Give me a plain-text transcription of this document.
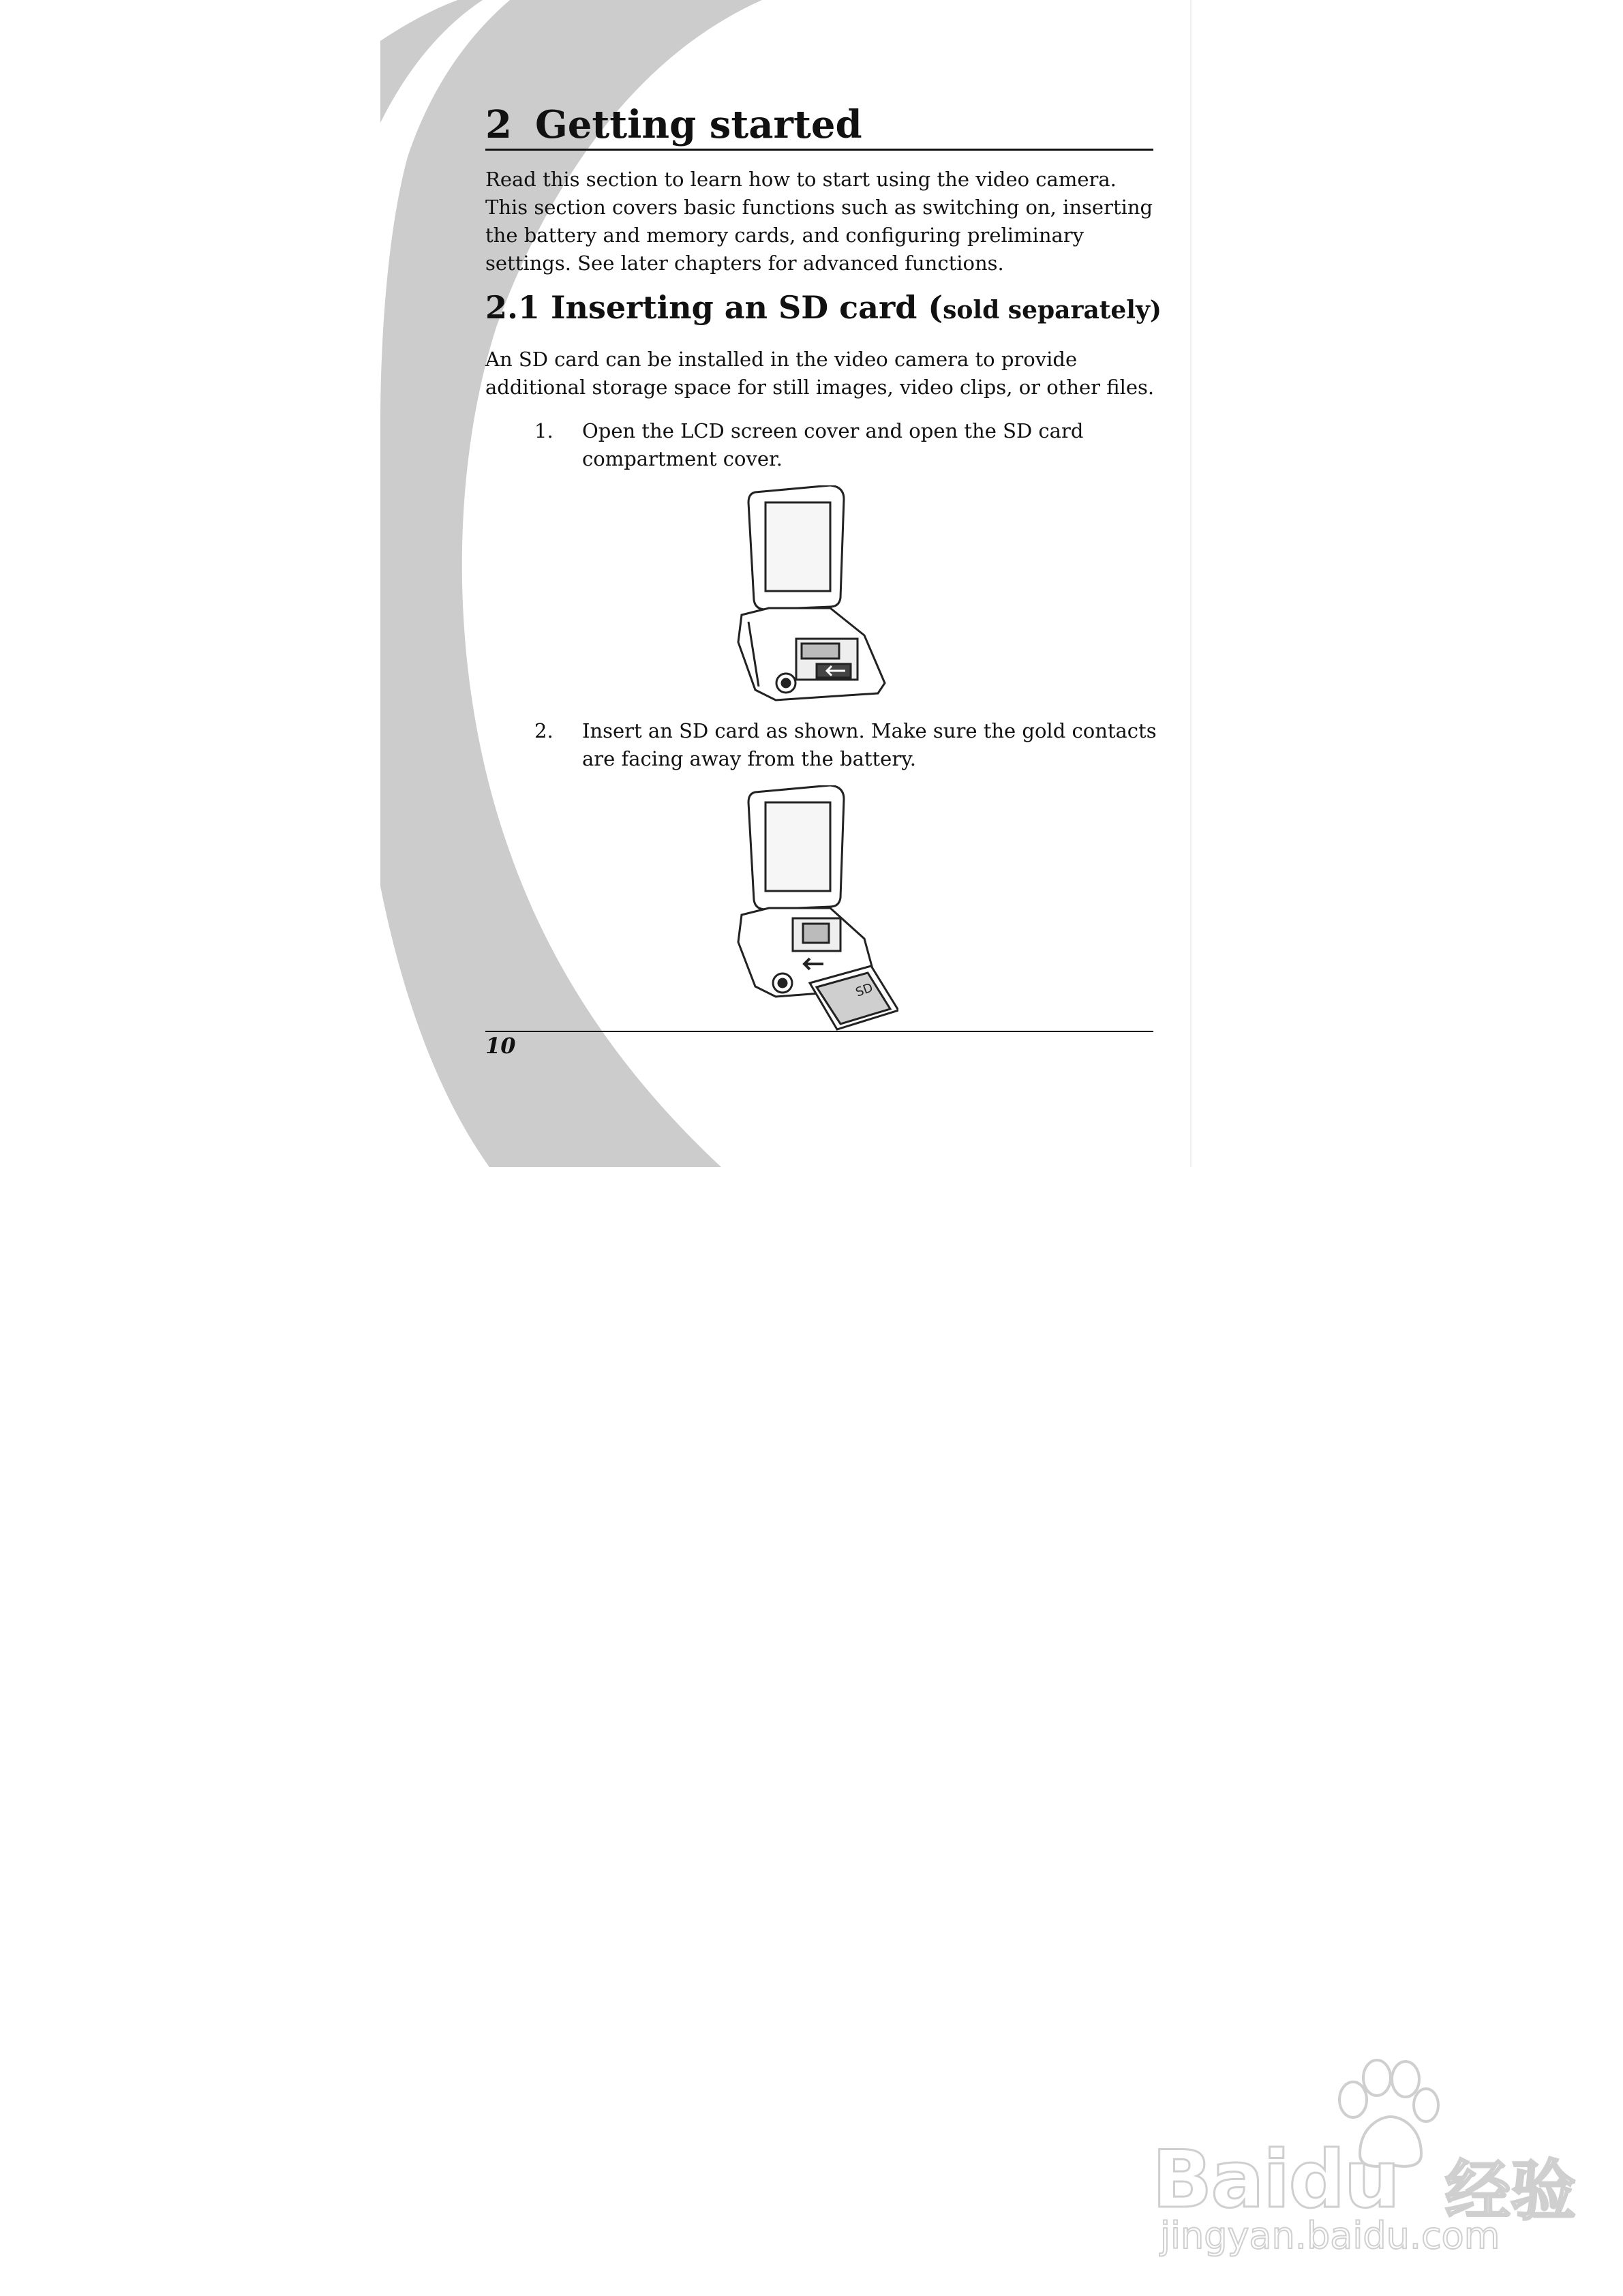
2 Getting started
Read this section to learn how to start using the video camera. This section covers basic functions such as switching on, inserting the battery and memory cards, and configuring preliminary settings. See later chapters for advanced functions.
2.1 Inserting an SD card (sold separately)
An SD card can be installed in the video camera to provide additional storage space for still images, video clips, or other files.
1. Open the LCD screen cover and open the SD card compartment cover.
2. Insert an SD card as shown. Make sure the gold contacts are facing away from the battery.
SD
10
Baidu 经验
jingyan.baidu.com
